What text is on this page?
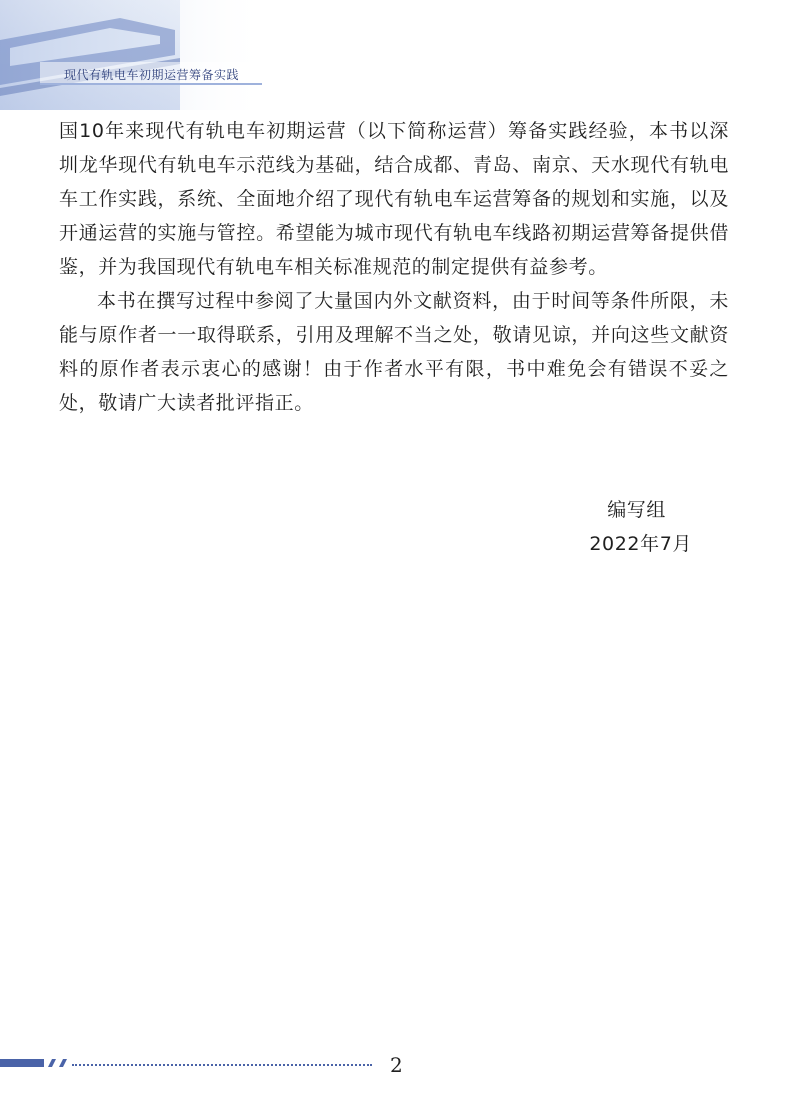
现代有轨电车初期运营筹备实践

国10年来现代有轨电车初期运营（以下简称运营）筹备实践经验，本书以深圳龙华现代有轨电车示范线为基础，结合成都、青岛、南京、天水现代有轨电车工作实践，系统、全面地介绍了现代有轨电车运营筹备的规划和实施，以及开通运营的实施与管控。希望能为城市现代有轨电车线路初期运营筹备提供借鉴，并为我国现代有轨电车相关标准规范的制定提供有益参考。

本书在撰写过程中参阅了大量国内外文献资料，由于时间等条件所限，未能与原作者一一取得联系，引用及理解不当之处，敬请见谅，并向这些文献资料的原作者表示衷心的感谢！由于作者水平有限，书中难免会有错误不妥之处，敬请广大读者批评指正。

编写组
2022年7月
2
